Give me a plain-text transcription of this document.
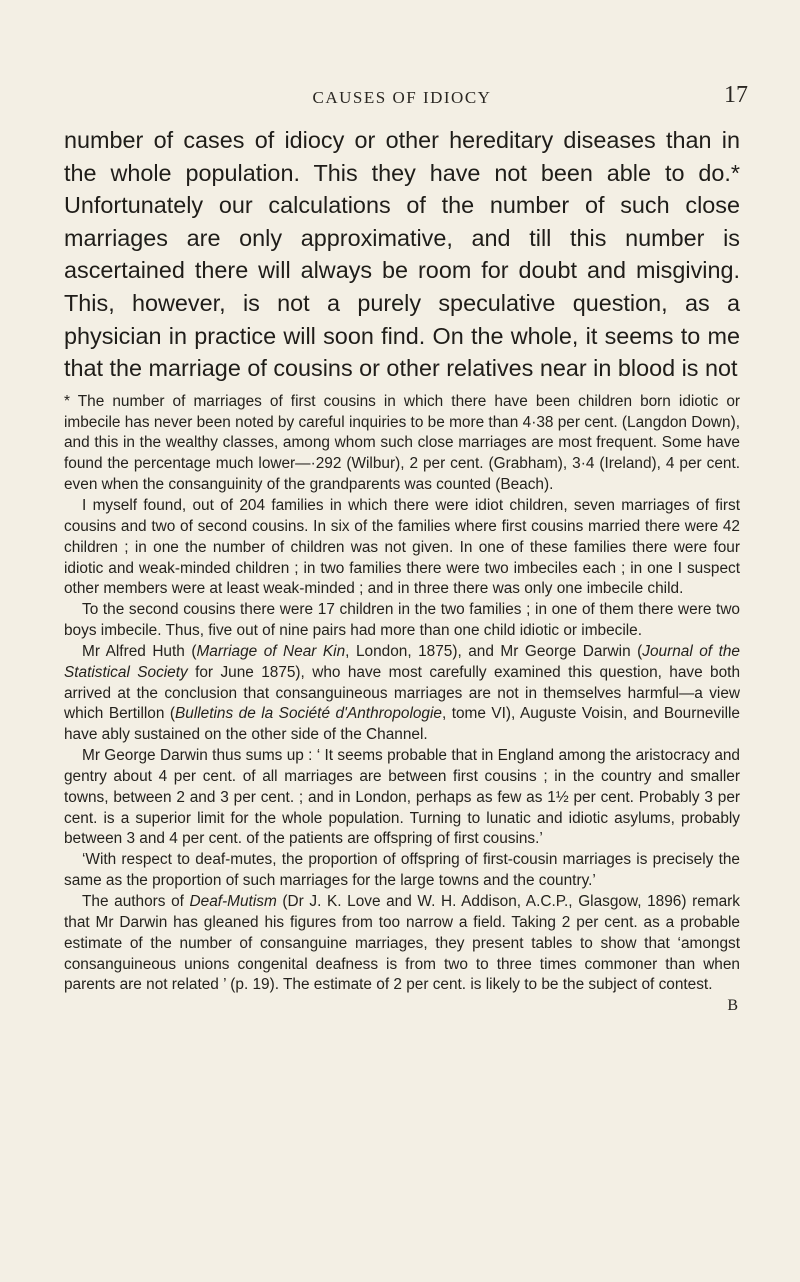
CAUSES OF IDIOCY	17

number of cases of idiocy or other hereditary diseases than in the whole population. This they have not been able to do.* Unfortunately our calculations of the number of such close marriages are only approximative, and till this number is ascertained there will always be room for doubt and misgiving. This, however, is not a purely speculative question, as a physician in practice will soon find. On the whole, it seems to me that the marriage of cousins or other relatives near in blood is not

* The number of marriages of first cousins in which there have been children born idiotic or imbecile has never been noted by careful inquiries to be more than 4·38 per cent. (Langdon Down), and this in the wealthy classes, among whom such close marriages are most frequent. Some have found the percentage much lower—·292 (Wilbur), 2 per cent. (Grabham), 3·4 (Ireland), 4 per cent. even when the consanguinity of the grandparents was counted (Beach).

I myself found, out of 204 families in which there were idiot children, seven marriages of first cousins and two of second cousins. In six of the families where first cousins married there were 42 children ; in one the number of children was not given. In one of these families there were four idiotic and weak-minded children ; in two families there were two imbeciles each ; in one I suspect other members were at least weak-minded ; and in three there was only one imbecile child.

To the second cousins there were 17 children in the two families ; in one of them there were two boys imbecile. Thus, five out of nine pairs had more than one child idiotic or imbecile.

Mr Alfred Huth (Marriage of Near Kin, London, 1875), and Mr George Darwin (Journal of the Statistical Society for June 1875), who have most carefully examined this question, have both arrived at the conclusion that consanguineous marriages are not in themselves harmful—a view which Bertillon (Bulletins de la Société d'Anthropologie, tome VI), Auguste Voisin, and Bourneville have ably sustained on the other side of the Channel.

Mr George Darwin thus sums up : ‘ It seems probable that in England among the aristocracy and gentry about 4 per cent. of all marriages are between first cousins ; in the country and smaller towns, between 2 and 3 per cent. ; and in London, perhaps as few as 1½ per cent. Probably 3 per cent. is a superior limit for the whole population. Turning to lunatic and idiotic asylums, probably between 3 and 4 per cent. of the patients are offspring of first cousins.’

‘With respect to deaf-mutes, the proportion of offspring of first-cousin marriages is precisely the same as the proportion of such marriages for the large towns and the country.’

The authors of Deaf-Mutism (Dr J. K. Love and W. H. Addison, A.C.P., Glasgow, 1896) remark that Mr Darwin has gleaned his figures from too narrow a field. Taking 2 per cent. as a probable estimate of the number of consanguine marriages, they present tables to show that ‘amongst consanguineous unions congenital deafness is from two to three times commoner than when parents are not related ’ (p. 19). The estimate of 2 per cent. is likely to be the subject of contest.

B
